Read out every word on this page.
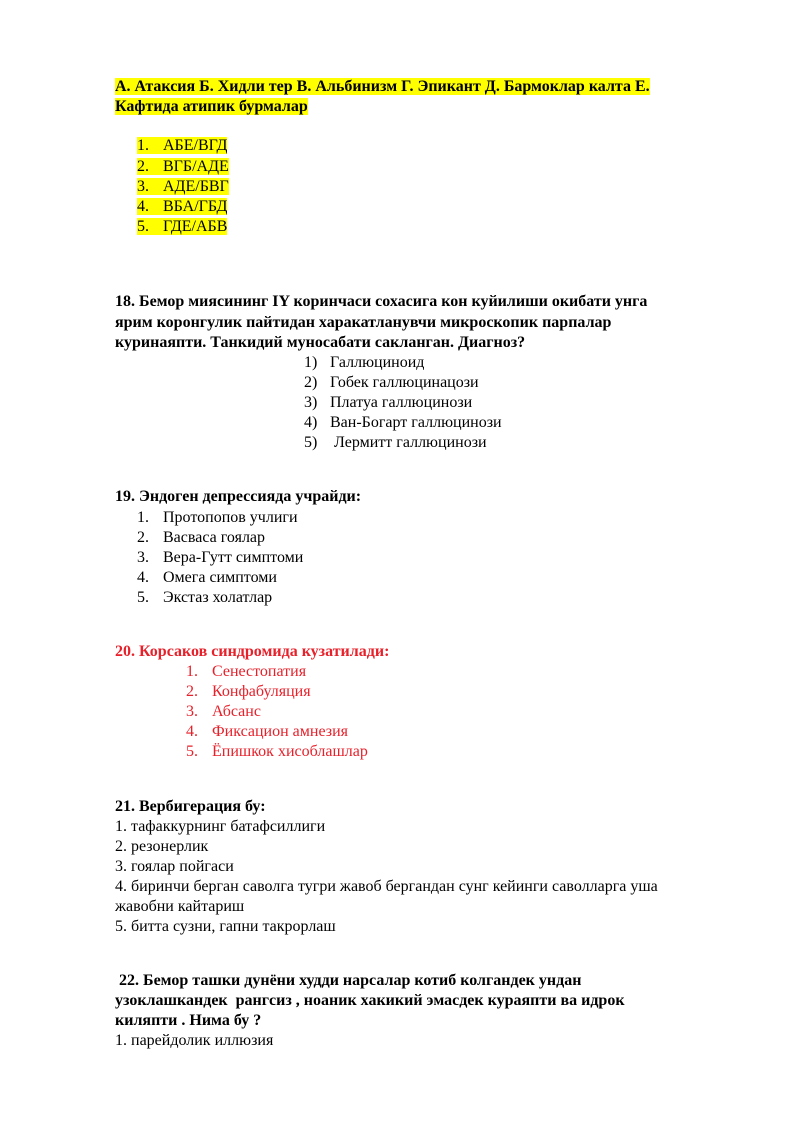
А. Атаксия Б. Хидли тер В. Альбинизм Г. Эпикант Д. Бармоклар калта Е.
Кафтида атипик бурмалар
1. АБЕ/ВГД
2. ВГБ/АДЕ
3. АДЕ/БВГ
4. ВБА/ГБД
5. ГДЕ/АБВ
18. Бемор миясининг IY коринчаси сохасига кон куйилиши окибати унга
ярим коронгулик пайтидан харакатланувчи микроскопик парпалар
куринаяпти. Танкидий муносабати сакланган. Диагноз?
1) Галлюциноид
2) Гобек галлюцинацози
3) Платуа галлюцинози
4) Ван-Богарт галлюцинози
5) Лермитт галлюцинози
19. Эндоген депрессияда учрайди:
1. Протопопов учлиги
2. Васваса гоялар
3. Вера-Гутт симптоми
4. Омега симптоми
5. Экстаз холатлар
20. Корсаков синдромида кузатилади:
1. Сенестопатия
2. Конфабуляция
3. Абсанс
4. Фиксацион амнезия
5. Ёпишкок хисоблашлар
21. Вербигерация бу:
1. тафаккурнинг батафсиллиги
2. резонерлик
3. гоялар пойгаси
4. биринчи берган саволга тугри жавоб бергандан сунг кейинги саволларга уша
жавобни кайтариш
5. битта сузни, гапни такрорлаш
22. Бемор ташки дунёни худди нарсалар котиб колгандек ундан
узоклашкандек  рангсиз , ноаник хакикий эмасдек кураяпти ва идрок
киляпти . Нима бу ?
1. парейдолик иллюзия
